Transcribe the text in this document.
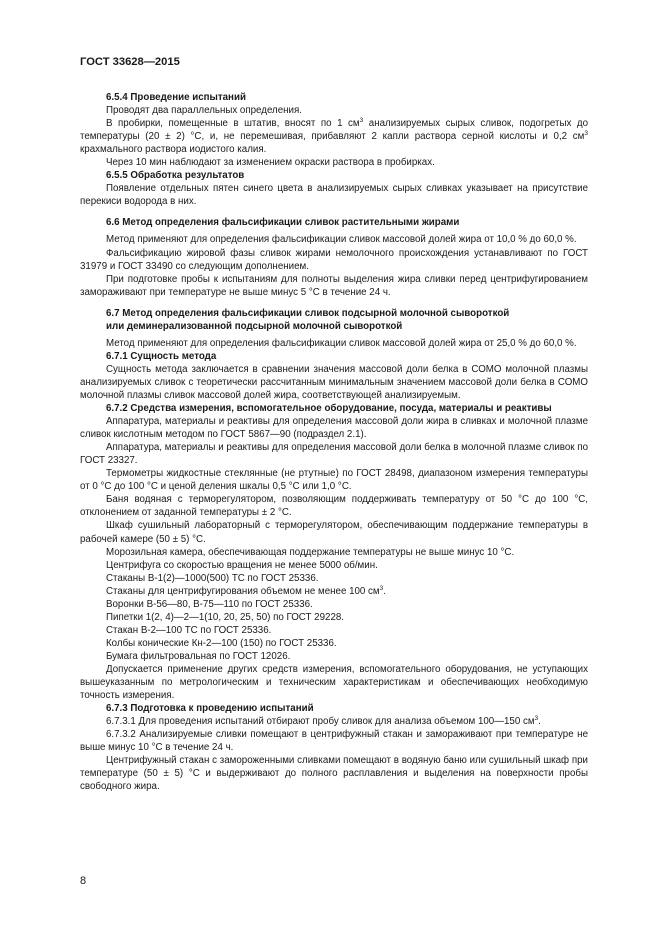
ГОСТ 33628—2015
6.5.4 Проведение испытаний

Проводят два параллельных определения.

В пробирки, помещенные в штатив, вносят по 1 $см^3$ анализируемых сырых сливок, подогретых до температуры (20 ± 2) °С, и, не перемешивая, прибавляют 2 капли раствора серной кислоты и 0,2 $см^3$ крахмального раствора иодистого калия.

Через 10 мин наблюдают за изменением окраски раствора в пробирках.

6.5.5 Обработка результатов

Появление отдельных пятен синего цвета в анализируемых сырых сливках указывает на присутствие перекиси водорода в них.

6.6 Метод определения фальсификации сливок растительными жирами

Метод применяют для определения фальсификации сливок массовой долей жира от 10,0 % до 60,0 %.

Фальсификацию жировой фазы сливок жирами немолочного происхождения устанавливают по ГОСТ 31979 и ГОСТ 33490 со следующим дополнением.

При подготовке пробы к испытаниям для полноты выделения жира сливки перед центрифугированием замораживают при температуре не выше минус 5 °С в течение 24 ч.

6.7 Метод определения фальсификации сливок подсырной молочной сывороткой
или деминерализованной подсырной молочной сывороткой

Метод применяют для определения фальсификации сливок массовой долей жира от 25,0 % до 60,0 %.

6.7.1 Сущность метода

Сущность метода заключается в сравнении значения массовой доли белка в СОМО молочной плазмы анализируемых сливок с теоретически рассчитанным минимальным значением массовой доли белка в СОМО молочной плазмы сливок массовой долей жира, соответствующей анализируемым.

6.7.2 Средства измерения, вспомогательное оборудование, посуда, материалы и реактивы

Аппаратура, материалы и реактивы для определения массовой доли жира в сливках и молочной плазме сливок кислотным методом по ГОСТ 5867—90 (подраздел 2.1).

Аппаратура, материалы и реактивы для определения массовой доли белка в молочной плазме сливок по ГОСТ 23327.

Термометры жидкостные стеклянные (не ртутные) по ГОСТ 28498, диапазоном измерения температуры от 0 °С до 100 °С и ценой деления шкалы 0,5 °С или 1,0 °С.

Баня водяная с терморегулятором, позволяющим поддерживать температуру от 50 °С до 100 °С, отклонением от заданной температуры ± 2 °С.

Шкаф сушильный лабораторный с терморегулятором, обеспечивающим поддержание температуры в рабочей камере (50 ± 5) °С.

Морозильная камера, обеспечивающая поддержание температуры не выше минус 10 °С.

Центрифуга со скоростью вращения не менее 5000 об/мин.

Стаканы В-1(2)—1000(500) ТС по ГОСТ 25336.

Стаканы для центрифугирования объемом не менее 100 $см^3$.

Воронки В-56—80, В-75—110 по ГОСТ 25336.

Пипетки 1(2, 4)—2—1(10, 20, 25, 50) по ГОСТ 29228.

Стакан В-2—100 ТС по ГОСТ 25336.

Колбы конические Кн-2—100 (150) по ГОСТ 25336.

Бумага фильтровальная по ГОСТ 12026.

Допускается применение других средств измерения, вспомогательного оборудования, не уступающих вышеуказанным по метрологическим и техническим характеристикам и обеспечивающих необходимую точность измерения.

6.7.3 Подготовка к проведению испытаний

6.7.3.1 Для проведения испытаний отбирают пробу сливок для анализа объемом 100—150 $см^3$.

6.7.3.2 Анализируемые сливки помещают в центрифужный стакан и замораживают при температуре не выше минус 10 °С в течение 24 ч.

Центрифужный стакан с замороженными сливками помещают в водяную баню или сушильный шкаф при температуре (50 ± 5) °С и выдерживают до полного расплавления и выделения на поверхности пробы свободного жира.

8
